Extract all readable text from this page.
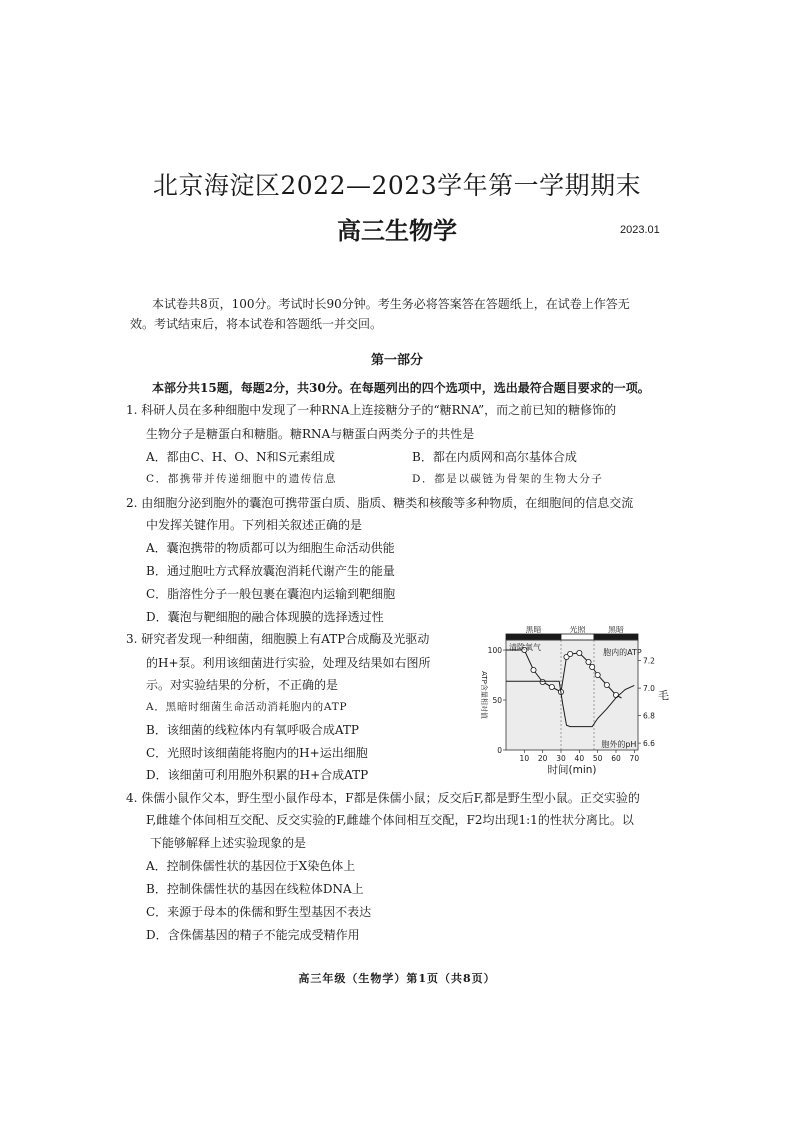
北京海淀区2022—2023学年第一学期期末
高三生物学	2023.01
本试卷共8页，100分。考试时长90分钟。考生务必将答案答在答题纸上，在试卷上作答无
效。考试结束后，将本试卷和答题纸一并交回。
第一部分
本部分共15题，每题2分，共30分。在每题列出的四个选项中，选出最符合题目要求的一项。
1. 科研人员在多种细胞中发现了一种RNA上连接糖分子的“糖RNA”，而之前已知的糖修饰的
生物分子是糖蛋白和糖脂。糖RNA与糖蛋白两类分子的共性是
A．都由C、H、O、N和S元素组成	B．都在内质网和高尔基体合成
C．都携带并传递细胞中的遗传信息	D．都是以碳链为骨架的生物大分子
2. 由细胞分泌到胞外的囊泡可携带蛋白质、脂质、糖类和核酸等多种物质，在细胞间的信息交流
中发挥关键作用。下列相关叙述正确的是
A．囊泡携带的物质都可以为细胞生命活动供能
B．通过胞吐方式释放囊泡消耗代谢产生的能量
C．脂溶性分子一般包裹在囊泡内运输到靶细胞
D．囊泡与靶细胞的融合体现膜的选择透过性
3. 研究者发现一种细菌，细胞膜上有ATP合成酶及光驱动
的H+泵。利用该细菌进行实验，处理及结果如右图所
示。对实验结果的分析，不正确的是
A．黑暗时细菌生命活动消耗胞内的ATP
B．该细菌的线粒体内有氧呼吸合成ATP
C．光照时该细菌能将胞内的H+运出细胞
D．该细菌可利用胞外积累的H+合成ATP
黑暗	光照	黑暗
10 20 30 40 50 60 70
0
50
100
6.6
6.8
7.0
7.2
清除氧气
胞内的ATP
胞外的pH
时间(min)
ATP含量相对值	毛
4. 侏儒小鼠作父本，野生型小鼠作母本，F都是侏儒小鼠；反交后F,都是野生型小鼠。正交实验的
F,雌雄个体间相互交配、反交实验的F,雌雄个体间相互交配，F2均出现1:1的性状分离比。以
下能够解释上述实验现象的是
A．控制侏儒性状的基因位于X染色体上
B．控制侏儒性状的基因在线粒体DNA上
C．来源于母本的侏儒和野生型基因不表达
D．含侏儒基因的精子不能完成受精作用
高三年级（生物学）第1页（共8页）
